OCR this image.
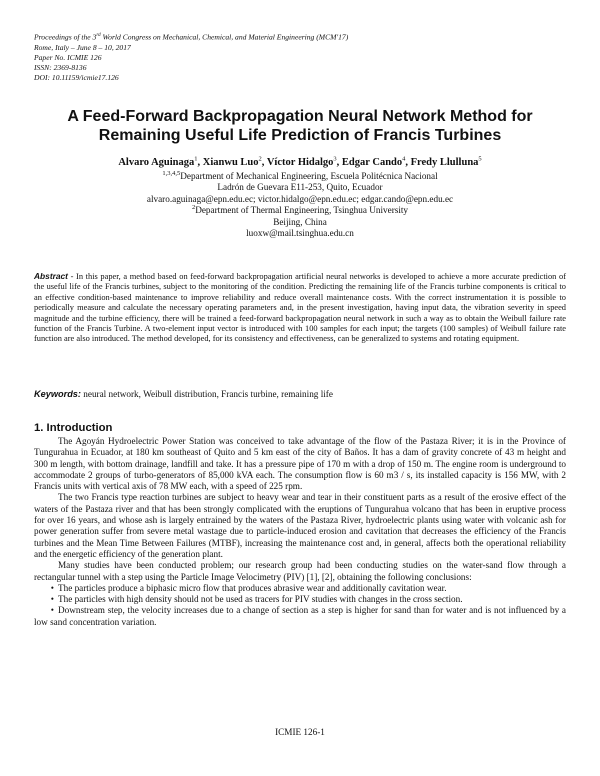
Proceedings of the 3rd World Congress on Mechanical, Chemical, and Material Engineering (MCM'17)
Rome, Italy – June 8 – 10, 2017
Paper No. ICMIE 126
ISSN: 2369-8136
DOI: 10.11159/icmie17.126
A Feed-Forward Backpropagation Neural Network Method for
Remaining Useful Life Prediction of Francis Turbines
Alvaro Aguinaga$^1$, Xianwu Luo$^2$, Víctor Hidalgo$^3$, Edgar Cando$^4$, Fredy Llulluna$^5$
$^{1,3,4,5}$Department of Mechanical Engineering, Escuela Politécnica Nacional
Ladrón de Guevara E11-253, Quito, Ecuador
alvaro.aguinaga@epn.edu.ec; victor.hidalgo@epn.edu.ec; edgar.cando@epn.edu.ec
$^2$Department of Thermal Engineering, Tsinghua University
Beijing, China
luoxw@mail.tsinghua.edu.cn
Abstract - In this paper, a method based on feed-forward backpropagation artificial neural networks is developed to achieve a more accurate prediction of the useful life of the Francis turbines, subject to the monitoring of the condition. Predicting the remaining life of the Francis turbine components is critical to an effective condition-based maintenance to improve reliability and reduce overall maintenance costs. With the correct instrumentation it is possible to periodically measure and calculate the necessary operating parameters and, in the present investigation, having input data, the vibration severity in speed magnitude and the turbine efficiency, there will be trained a feed-forward backpropagation neural network in such a way as to obtain the Weibull failure rate function of the Francis Turbine. A two-element input vector is introduced with 100 samples for each input; the targets (100 samples) of Weibull failure rate function are also introduced. The method developed, for its consistency and effectiveness, can be generalized to systems and rotating equipment.
Keywords: neural network, Weibull distribution, Francis turbine, remaining life
1. Introduction

The Agoyán Hydroelectric Power Station was conceived to take advantage of the flow of the Pastaza River; it is in the Province of Tungurahua in Ecuador, at 180 km southeast of Quito and 5 km east of the city of Baños. It has a dam of gravity concrete of 43 m height and 300 m length, with bottom drainage, landfill and take. It has a pressure pipe of 170 m with a drop of 150 m. The engine room is underground to accommodate 2 groups of turbo-generators of 85,000 kVA each. The consumption flow is 60 m3 / s, its installed capacity is 156 MW, with 2 Francis units with vertical axis of 78 MW each, with a speed of 225 rpm.

The two Francis type reaction turbines are subject to heavy wear and tear in their constituent parts as a result of the erosive effect of the waters of the Pastaza river and that has been strongly complicated with the eruptions of Tungurahua volcano that has been in eruptive process for over 16 years, and whose ash is largely entrained by the waters of the Pastaza River, hydroelectric plants using water with volcanic ash for power generation suffer from severe metal wastage due to particle-induced erosion and cavitation that decreases the efficiency of the Francis turbines and the Mean Time Between Failures (MTBF), increasing the maintenance cost and, in general, affects both the operational reliability and the energetic efficiency of the generation plant.

Many studies have been conducted problem; our research group had been conducting studies on the water-sand flow through a rectangular tunnel with a step using the Particle Image Velocimetry (PIV) [1], [2], obtaining the following conclusions:

• The particles produce a biphasic micro flow that produces abrasive wear and additionally cavitation wear.

• The particles with high density should not be used as tracers for PIV studies with changes in the cross section.

• Downstream step, the velocity increases due to a change of section as a step is higher for sand than for water and is not influenced by a low sand concentration variation.

ICMIE 126-1
